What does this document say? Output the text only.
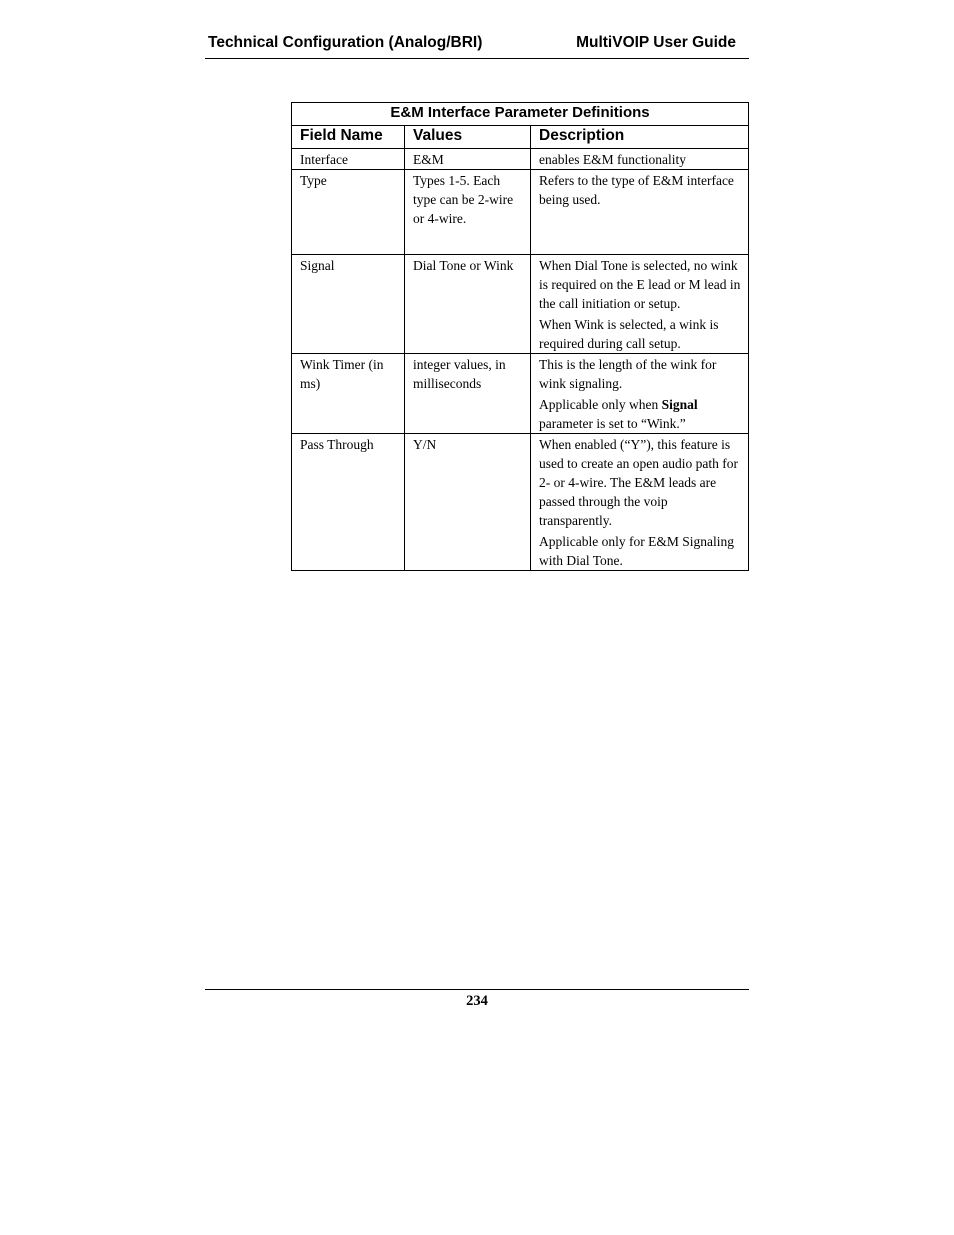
Technical Configuration (Analog/BRI)	MultiVOIP User Guide
E&M Interface Parameter Definitions		
Field Name	Values	Description
Interface	E&M	enables E&M functionality

Type	Types 1-5. Each type can be 2-wire or 4-wire.	Refers to the type of E&M interface being used.

Signal	Dial Tone or Wink	When Dial Tone is selected, no wink is required on the E lead or M lead in the call initiation or setup.

When Wink is selected, a wink is required during call setup.

Wink Timer (in ms)	integer values, in milliseconds	This is the length of the wink for wink signaling.

Applicable only when Signal parameter is set to “Wink.”

Pass Through	Y/N	When enabled (“Y”), this feature is used to create an open audio path for 2- or 4-wire. The E&M leads are passed through the voip transparently.

Applicable only for E&M Signaling with Dial Tone.

234
